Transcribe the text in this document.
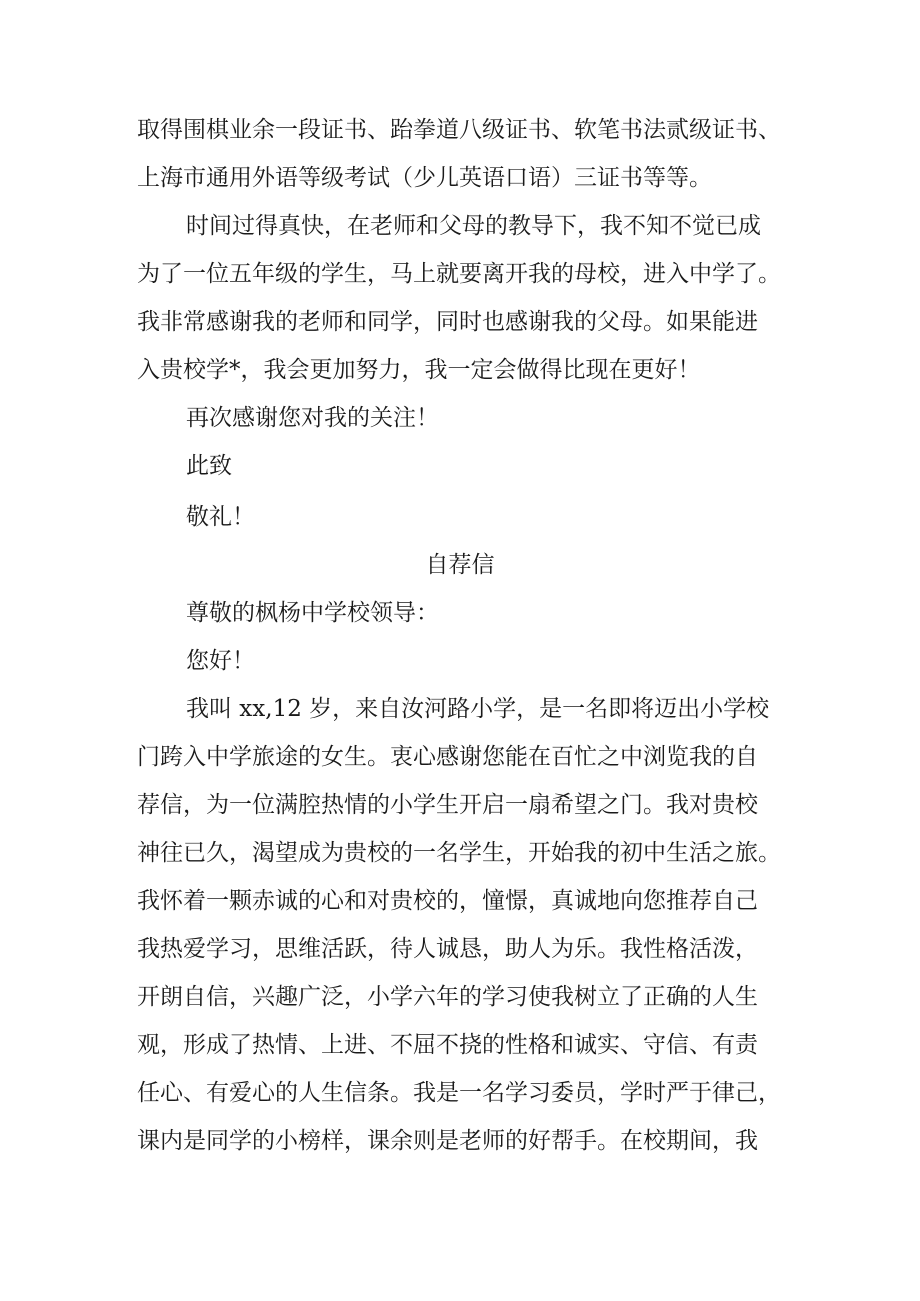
取得围棋业余一段证书、跆拳道八级证书、软笔书法贰级证书、
上海市通用外语等级考试（少儿英语口语）三证书等等。
时间过得真快，在老师和父母的教导下，我不知不觉已成
为了一位五年级的学生，马上就要离开我的母校，进入中学了。
我非常感谢我的老师和同学，同时也感谢我的父母。如果能进
入贵校学*，我会更加努力，我一定会做得比现在更好！
再次感谢您对我的关注！
此致
敬礼！
自荐信
尊敬的枫杨中学校领导：
您好！
我叫 xx,12 岁，来自汝河路小学，是一名即将迈出小学校
门跨入中学旅途的女生。衷心感谢您能在百忙之中浏览我的自
荐信，为一位满腔热情的小学生开启一扇希望之门。我对贵校
神往已久，渴望成为贵校的一名学生，开始我的初中生活之旅。
我怀着一颗赤诚的心和对贵校的，憧憬，真诚地向您推荐自己
我热爱学习，思维活跃，待人诚恳，助人为乐。我性格活泼，
开朗自信，兴趣广泛，小学六年的学习使我树立了正确的人生
观，形成了热情、上进、不屈不挠的性格和诚实、守信、有责
任心、有爱心的人生信条。我是一名学习委员，学时严于律己，
课内是同学的小榜样，课余则是老师的好帮手。在校期间，我
